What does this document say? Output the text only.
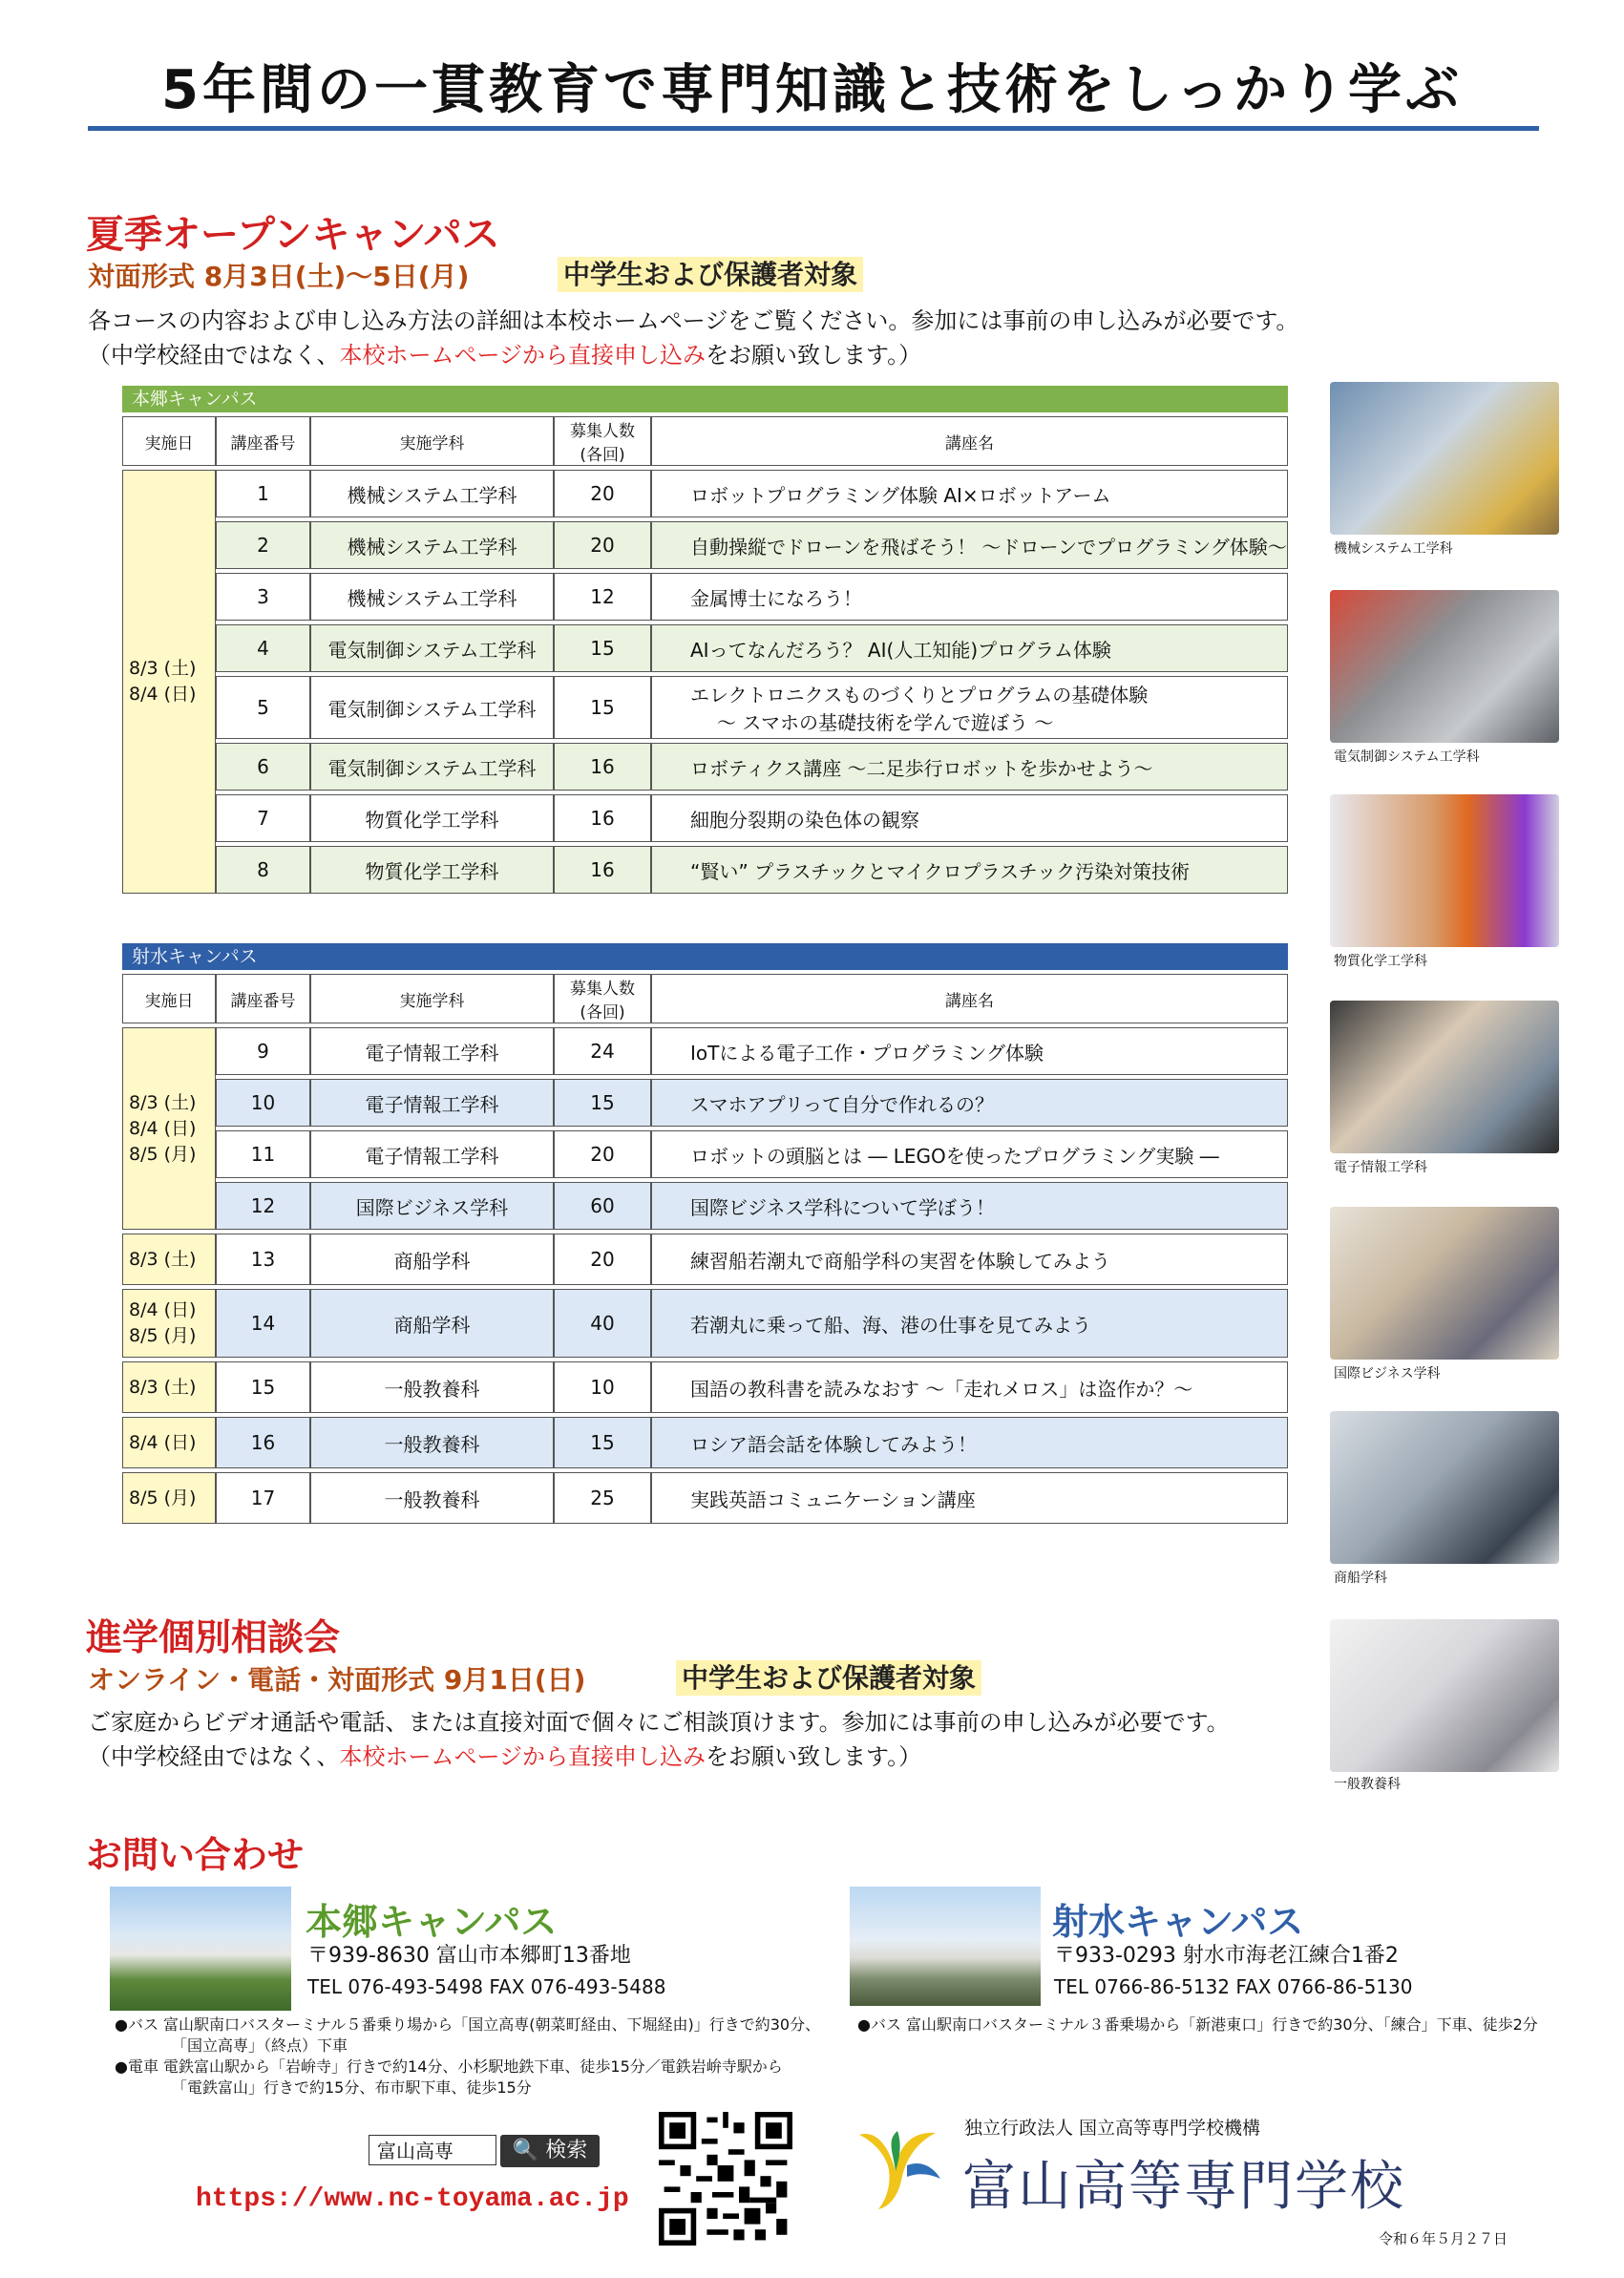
5年間の一貫教育で専門知識と技術をしっかり学ぶ
夏季オープンキャンパス
対面形式 8月3日(土)～5日(月)	中学生および保護者対象
各コースの内容および申し込み方法の詳細は本校ホームページをご覧ください。参加には事前の申し込みが必要です。
（中学校経由ではなく、本校ホームページから直接申し込みをお願い致します。）
本郷キャンパス
実施日	講座番号	実施学科	募集人数
(各回)	講座名
8/3 (土)
8/4 (日)	1	機械システム工学科	20	ロボットプログラミング体験 AI×ロボットアーム
	2	機械システム工学科	20	自動操縦でドローンを飛ばそう！ ～ドローンでプログラミング体験～
	3	機械システム工学科	12	金属博士になろう！
	4	電気制御システム工学科	15	AIってなんだろう？ AI(人工知能)プログラム体験
	5	電気制御システム工学科	15	エレクトロニクスものづくりとプログラムの基礎体験
～ スマホの基礎技術を学んで遊ぼう ～
	6	電気制御システム工学科	16	ロボティクス講座 ～二足歩行ロボットを歩かせよう～
	7	物質化学工学科	16	細胞分裂期の染色体の観察
	8	物質化学工学科	16	“賢い” プラスチックとマイクロプラスチック汚染対策技術
射水キャンパス
実施日	講座番号	実施学科	募集人数
(各回)	講座名
8/3 (土)
8/4 (日)
8/5 (月)	9	電子情報工学科	24	IoTによる電子工作・プログラミング体験
	10	電子情報工学科	15	スマホアプリって自分で作れるの？
	11	電子情報工学科	20	ロボットの頭脳とは ― LEGOを使ったプログラミング実験 ―
	12	国際ビジネス学科	60	国際ビジネス学科について学ぼう！
8/3 (土)	13	商船学科	20	練習船若潮丸で商船学科の実習を体験してみよう
8/4 (日)
8/5 (月)	14	商船学科	40	若潮丸に乗って船、海、港の仕事を見てみよう
8/3 (土)	15	一般教養科	10	国語の教科書を読みなおす ～「走れメロス」は盗作か？～
8/4 (日)	16	一般教養科	15	ロシア語会話を体験してみよう！
8/5 (月)	17	一般教養科	25	実践英語コミュニケーション講座
機械システム工学科
電気制御システム工学科
物質化学工学科
電子情報工学科
国際ビジネス学科
商船学科
一般教養科
進学個別相談会
オンライン・電話・対面形式 9月1日(日)	中学生および保護者対象
ご家庭からビデオ通話や電話、または直接対面で個々にご相談頂けます。参加には事前の申し込みが必要です。
（中学校経由ではなく、本校ホームページから直接申し込みをお願い致します。）
お問い合わせ
本郷キャンパス
〒939-8630 富山市本郷町13番地
TEL 076-493-5498 FAX 076-493-5488
●バス 富山駅南口バスターミナル５番乗り場から「国立高専(朝菜町経由、下堀経由)」行きで約30分、
「国立高専」（終点）下車
●電車 電鉄富山駅から「岩峅寺」行きで約14分、小杉駅地鉄下車、徒歩15分／電鉄岩峅寺駅から
「電鉄富山」行きで約15分、布市駅下車、徒歩15分
射水キャンパス
〒933-0293 射水市海老江練合1番2
TEL 0766-86-5132 FAX 0766-86-5130
●バス 富山駅南口バスターミナル３番乗場から「新港東口」行きで約30分、「練合」下車、徒歩2分
富山高専	🔍 検索
https://www.nc-toyama.ac.jp
独立行政法人 国立高等専門学校機構
富山高等専門学校
令和６年５月２７日
